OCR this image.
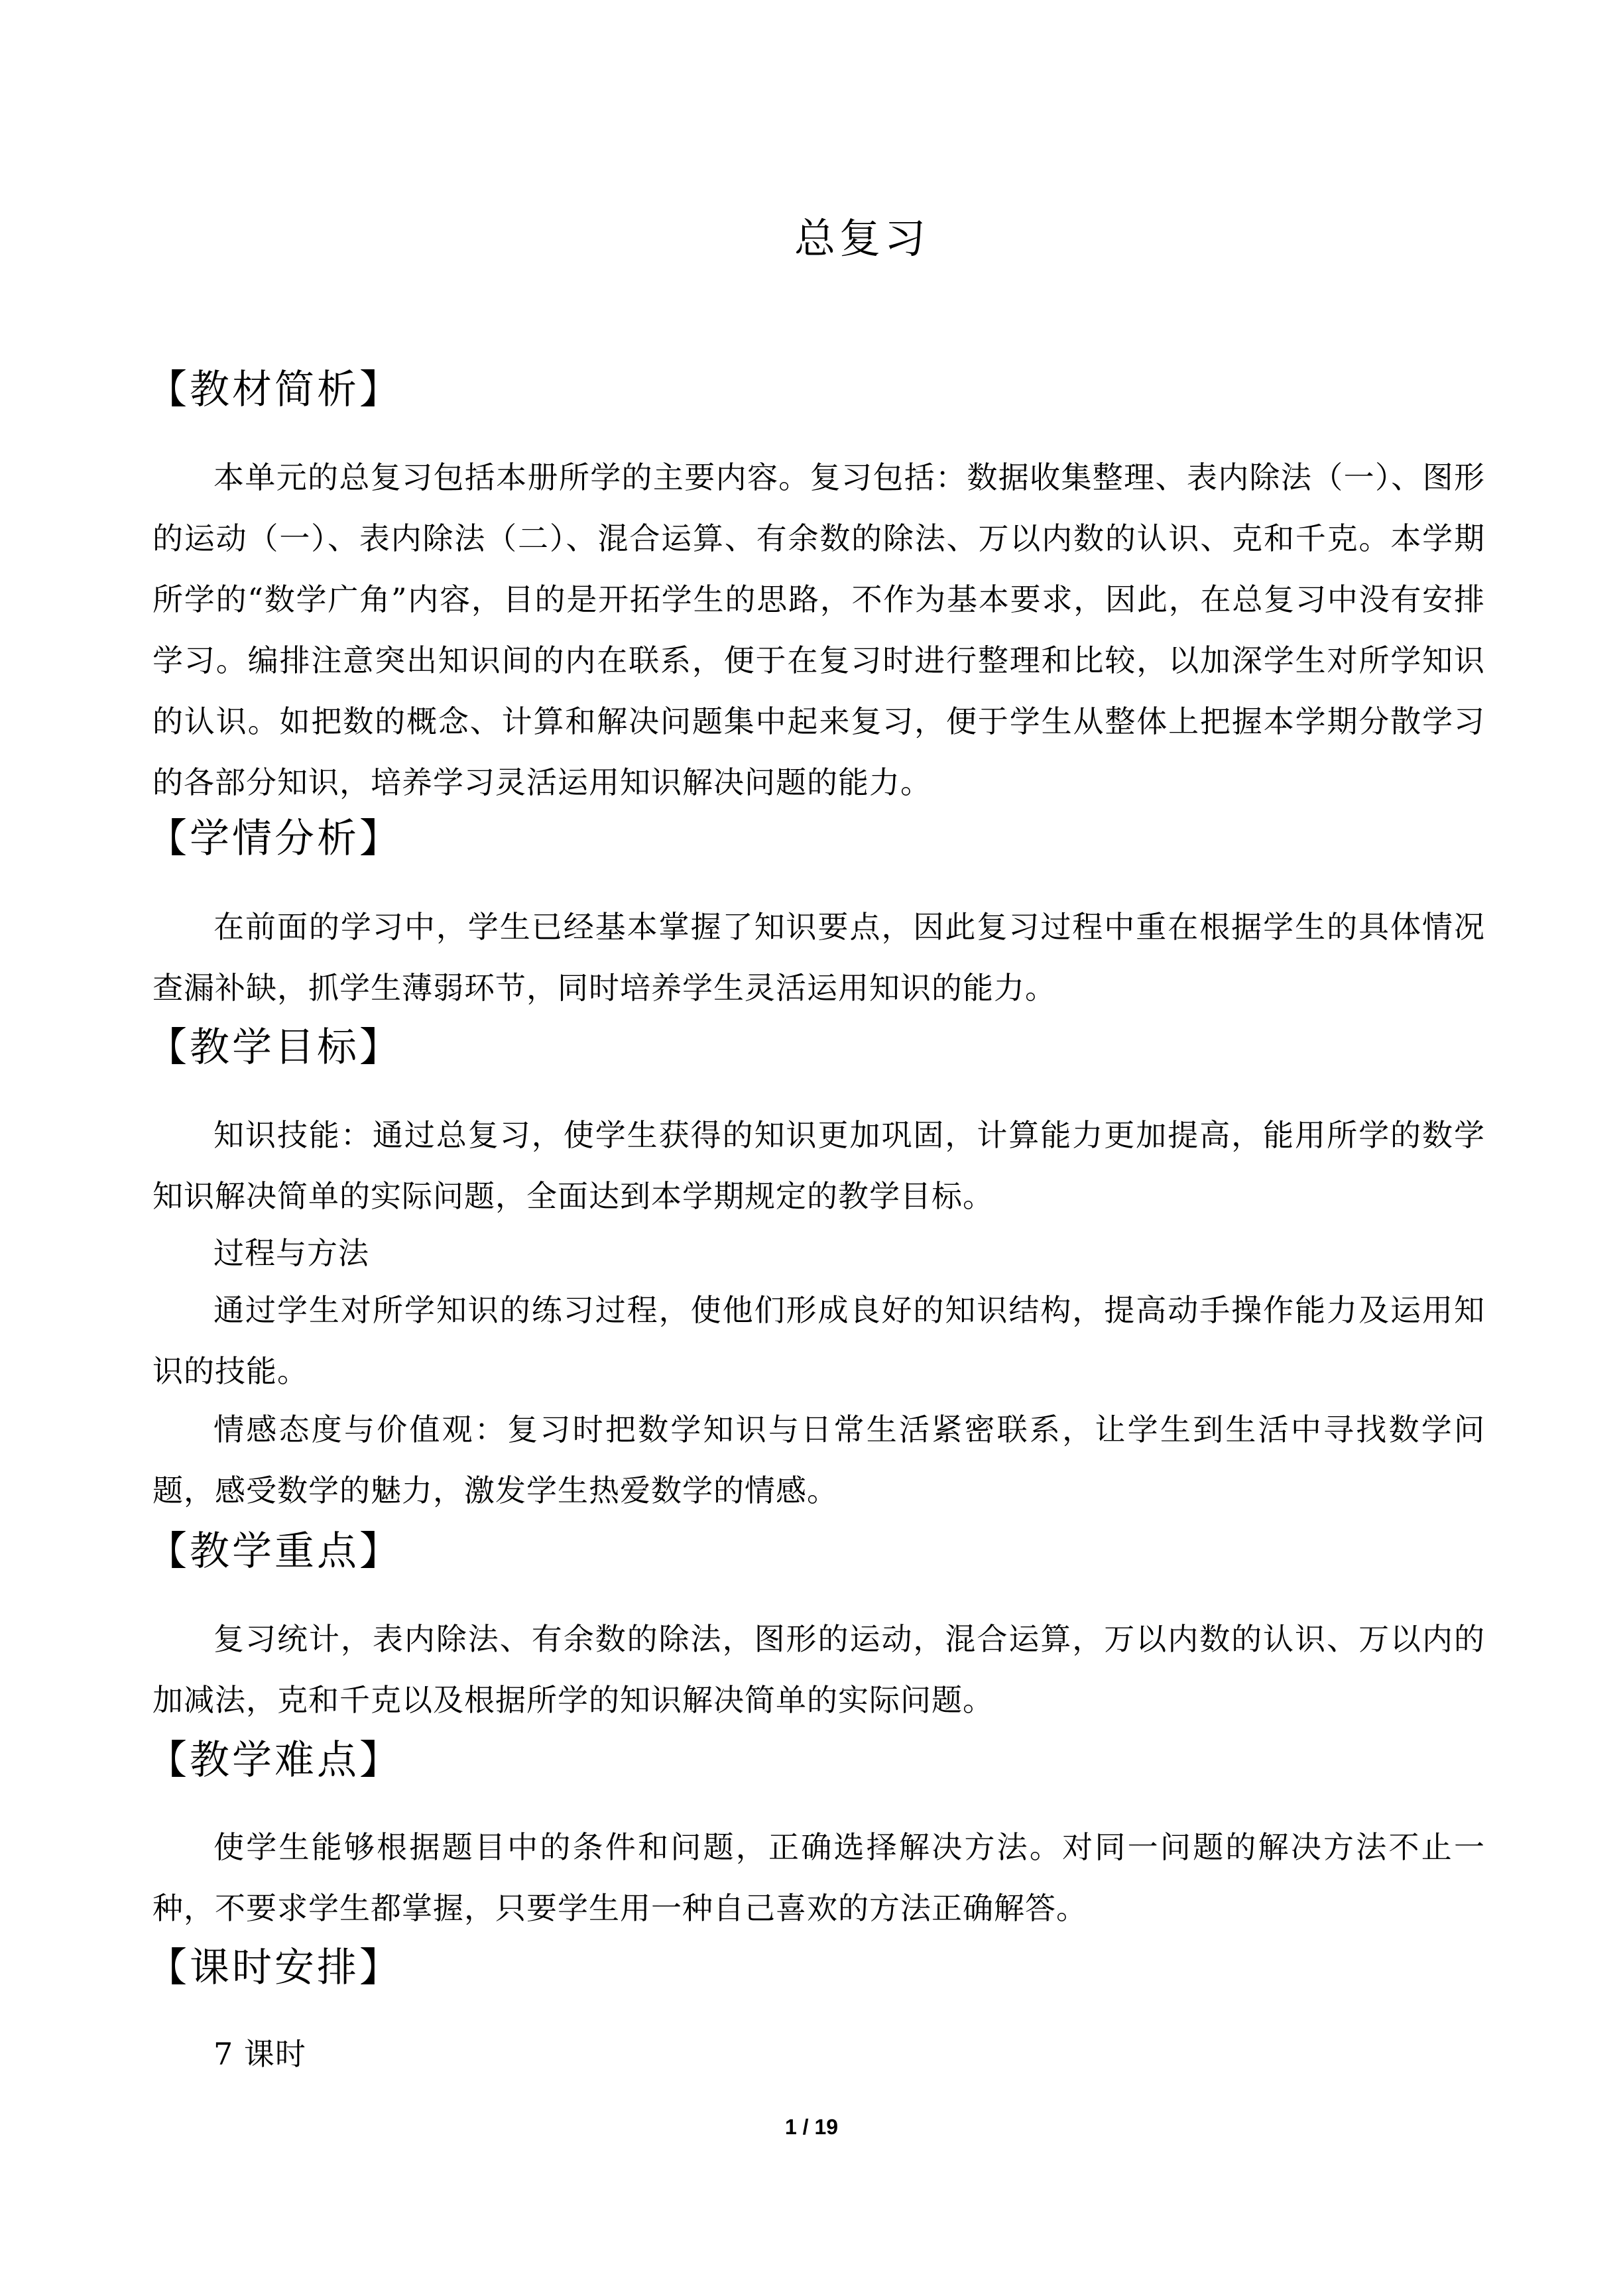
总复习
【教材简析】
本单元的总复习包括本册所学的主要内容。复习包括：数据收集整理、表内除法（一）、图形的运动（一）、表内除法（二）、混合运算、有余数的除法、万以内数的认识、克和千克。本学期所学的“数学广角”内容，目的是开拓学生的思路，不作为基本要求，因此，在总复习中没有安排学习。编排注意突出知识间的内在联系，便于在复习时进行整理和比较，以加深学生对所学知识的认识。如把数的概念、计算和解决问题集中起来复习，便于学生从整体上把握本学期分散学习的各部分知识，培养学习灵活运用知识解决问题的能力。
【学情分析】
在前面的学习中，学生已经基本掌握了知识要点，因此复习过程中重在根据学生的具体情况查漏补缺，抓学生薄弱环节，同时培养学生灵活运用知识的能力。
【教学目标】
知识技能：通过总复习，使学生获得的知识更加巩固，计算能力更加提高，能用所学的数学知识解决简单的实际问题，全面达到本学期规定的教学目标。
过程与方法
通过学生对所学知识的练习过程，使他们形成良好的知识结构，提高动手操作能力及运用知识的技能。
情感态度与价值观：复习时把数学知识与日常生活紧密联系，让学生到生活中寻找数学问题，感受数学的魅力，激发学生热爱数学的情感。
【教学重点】
复习统计，表内除法、有余数的除法，图形的运动，混合运算，万以内数的认识、万以内的加减法，克和千克以及根据所学的知识解决简单的实际问题。
【教学难点】
使学生能够根据题目中的条件和问题，正确选择解决方法。对同一问题的解决方法不止一种，不要求学生都掌握，只要学生用一种自己喜欢的方法正确解答。
【课时安排】
7 课时
1 / 19
